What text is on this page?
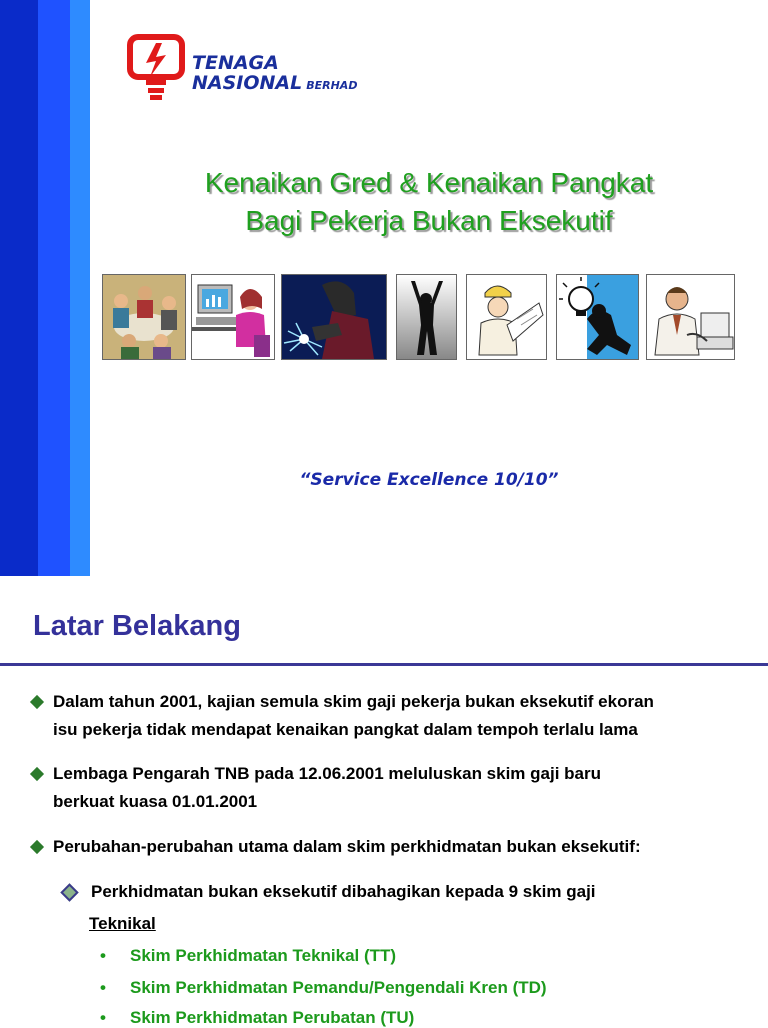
TENAGA
NASIONAL BERHAD
Kenaikan Gred & Kenaikan Pangkat
Bagi Pekerja Bukan Eksekutif
“Service Excellence 10/10”
Latar Belakang
Dalam tahun 2001, kajian semula skim gaji pekerja bukan eksekutif ekoran
isu pekerja tidak mendapat kenaikan pangkat dalam tempoh terlalu lama
Lembaga Pengarah TNB pada 12.06.2001 meluluskan skim gaji baru
berkuat kuasa 01.01.2001
Perubahan-perubahan utama dalam skim perkhidmatan bukan eksekutif:
Perkhidmatan bukan eksekutif dibahagikan kepada 9 skim gaji
Teknikal
• Skim Perkhidmatan Teknikal (TT)
• Skim Perkhidmatan Pemandu/Pengendali Kren (TD)
• Skim Perkhidmatan Perubatan (TU)
